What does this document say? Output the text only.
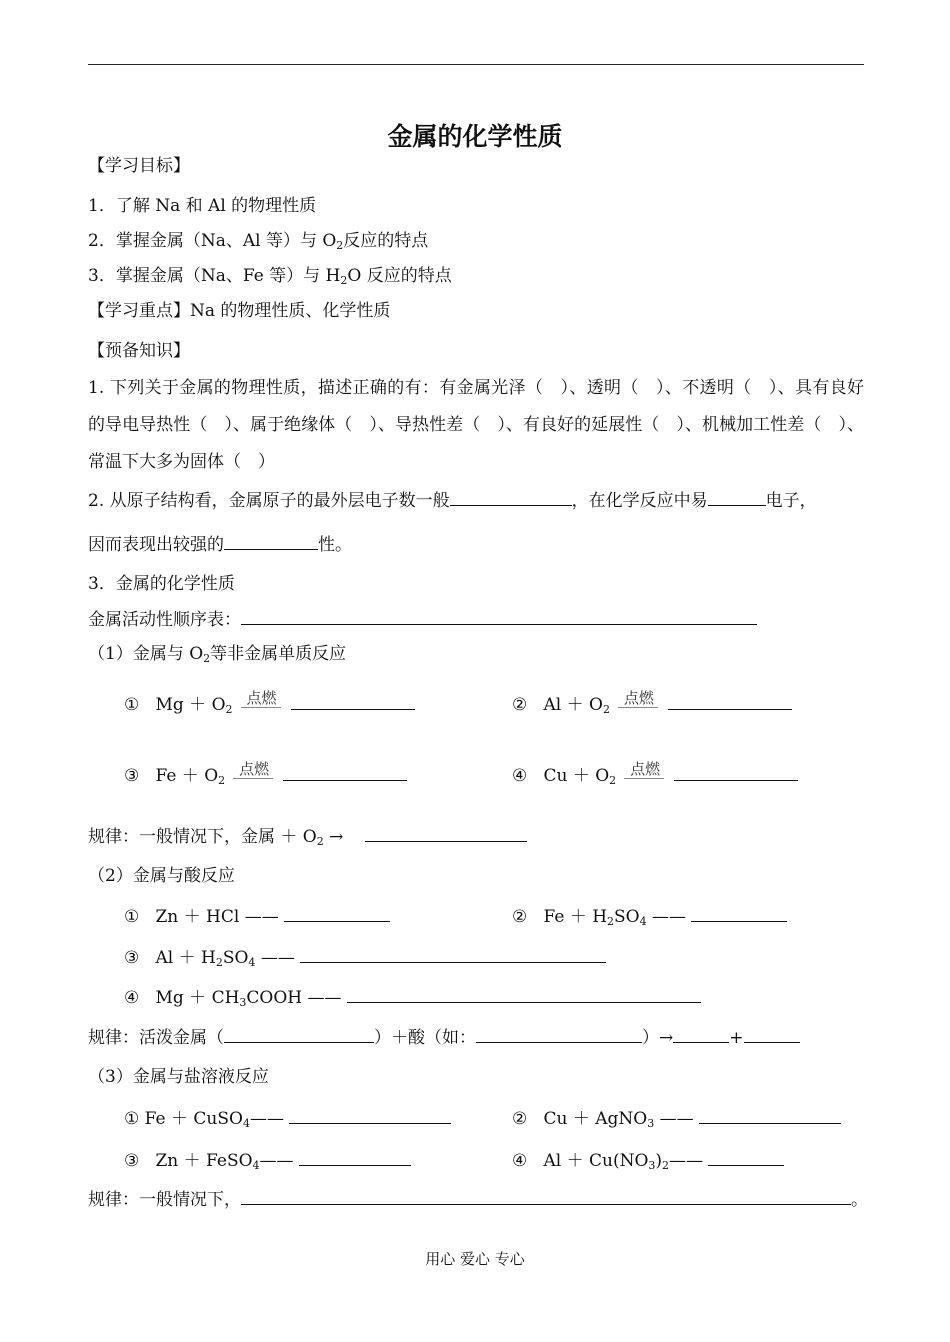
金属的化学性质
【学习目标】
1．了解 Na 和 Al 的物理性质
2．掌握金属（Na、Al 等）与 $O_2$反应的特点
3．掌握金属（Na、Fe 等）与 $H_2O$ 反应的特点
【学习重点】Na 的物理性质、化学性质
【预备知识】
1. 下列关于金属的物理性质，描述正确的有：有金属光泽（　）、透明（　）、不透明（　）、具有良好的导电导热性（　）、属于绝缘体（　）、导热性差（　）、有良好的延展性（　）、机械加工性差（　）、常温下大多为固体（　）
2. 从原子结构看，金属原子的最外层电子数一般	，在化学反应中易	电子，
因而表现出较强的	性。
3．金属的化学性质
金属活动性顺序表：
（1）金属与 $O_2$等非金属单质反应
① $Mg + O_2$
点燃	② $Al + O_2$
点燃
③ $Fe + O_2$
点燃	④ $Cu + O_2$
点燃
规律：一般情况下，金属 ＋ $O_2$ →
（2）金属与酸反应
① Zn ＋ HCl ——	② $Fe + H_2SO_4$ ——
③ $Al + H_2SO_4$ ——
④ $Mg + CH_3COOH$ ——
规律：活泼金属（	）＋酸（如：	）→	+
（3）金属与盐溶液反应
① Fe ＋ CuSO$_4$——	② Cu ＋ AgNO$_3$ ——
③ Zn ＋ FeSO$_4$——	④ $Al + Cu(NO_3)_2——$
规律：一般情况下，	。
用心 爱心 专心
